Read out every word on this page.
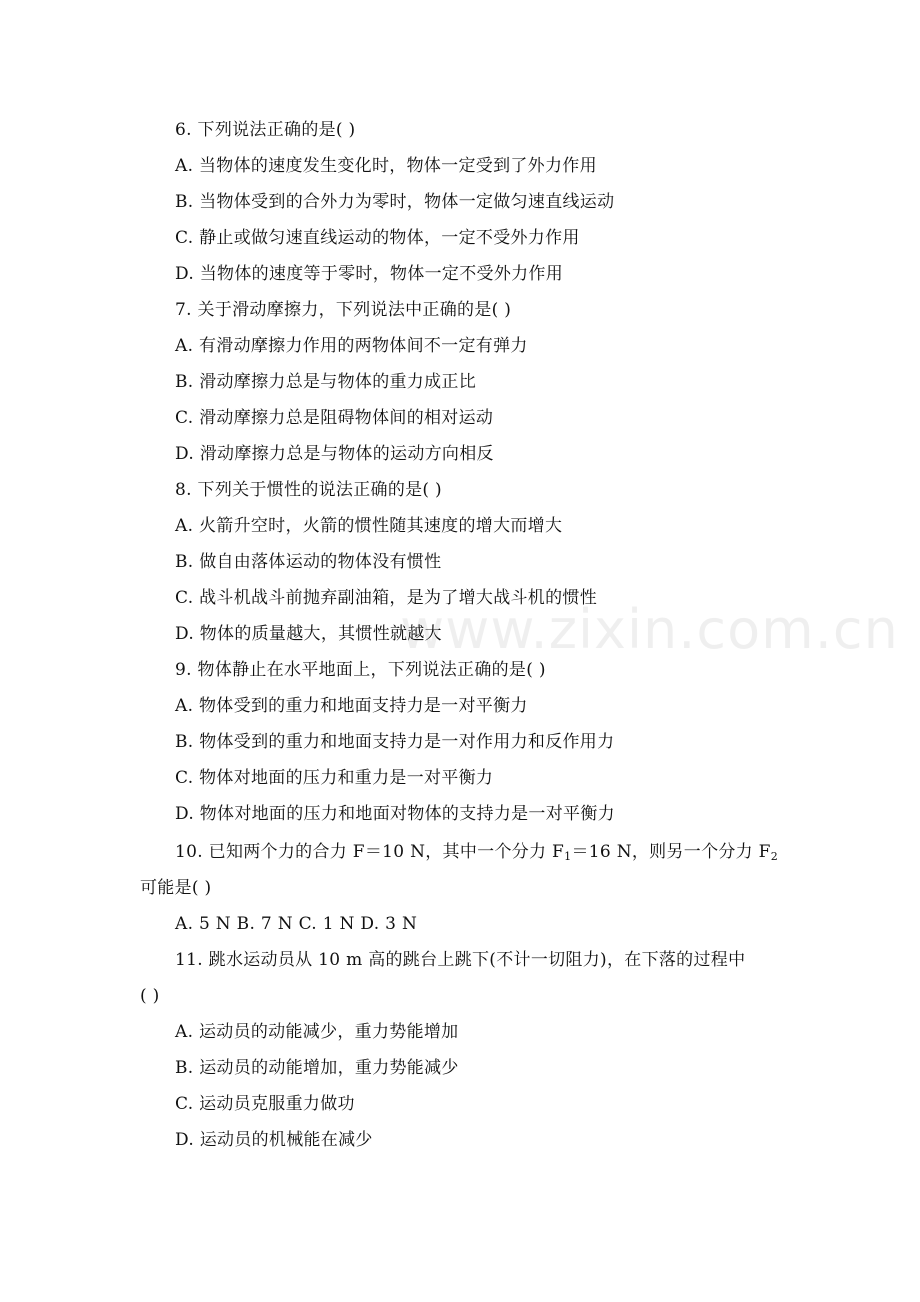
www.zixin.com.cn
6. 下列说法正确的是( )
A. 当物体的速度发生变化时，物体一定受到了外力作用
B. 当物体受到的合外力为零时，物体一定做匀速直线运动
C. 静止或做匀速直线运动的物体，一定不受外力作用
D. 当物体的速度等于零时，物体一定不受外力作用
7. 关于滑动摩擦力，下列说法中正确的是( )
A. 有滑动摩擦力作用的两物体间不一定有弹力
B. 滑动摩擦力总是与物体的重力成正比
C. 滑动摩擦力总是阻碍物体间的相对运动
D. 滑动摩擦力总是与物体的运动方向相反
8. 下列关于惯性的说法正确的是( )
A. 火箭升空时，火箭的惯性随其速度的增大而增大
B. 做自由落体运动的物体没有惯性
C. 战斗机战斗前抛弃副油箱，是为了增大战斗机的惯性
D. 物体的质量越大，其惯性就越大
9. 物体静止在水平地面上，下列说法正确的是( )
A. 物体受到的重力和地面支持力是一对平衡力
B. 物体受到的重力和地面支持力是一对作用力和反作用力
C. 物体对地面的压力和重力是一对平衡力
D. 物体对地面的压力和地面对物体的支持力是一对平衡力
10. 已知两个力的合力 F＝10 N，其中一个分力 $F_1=16$ N，则另一个分力 $F_2$
可能是( )
A. 5 N B. 7 N C. 1 N D. 3 N
11. 跳水运动员从 10 m 高的跳台上跳下(不计一切阻力)，在下落的过程中
( )
A. 运动员的动能减少，重力势能增加
B. 运动员的动能增加，重力势能减少
C. 运动员克服重力做功
D. 运动员的机械能在减少
